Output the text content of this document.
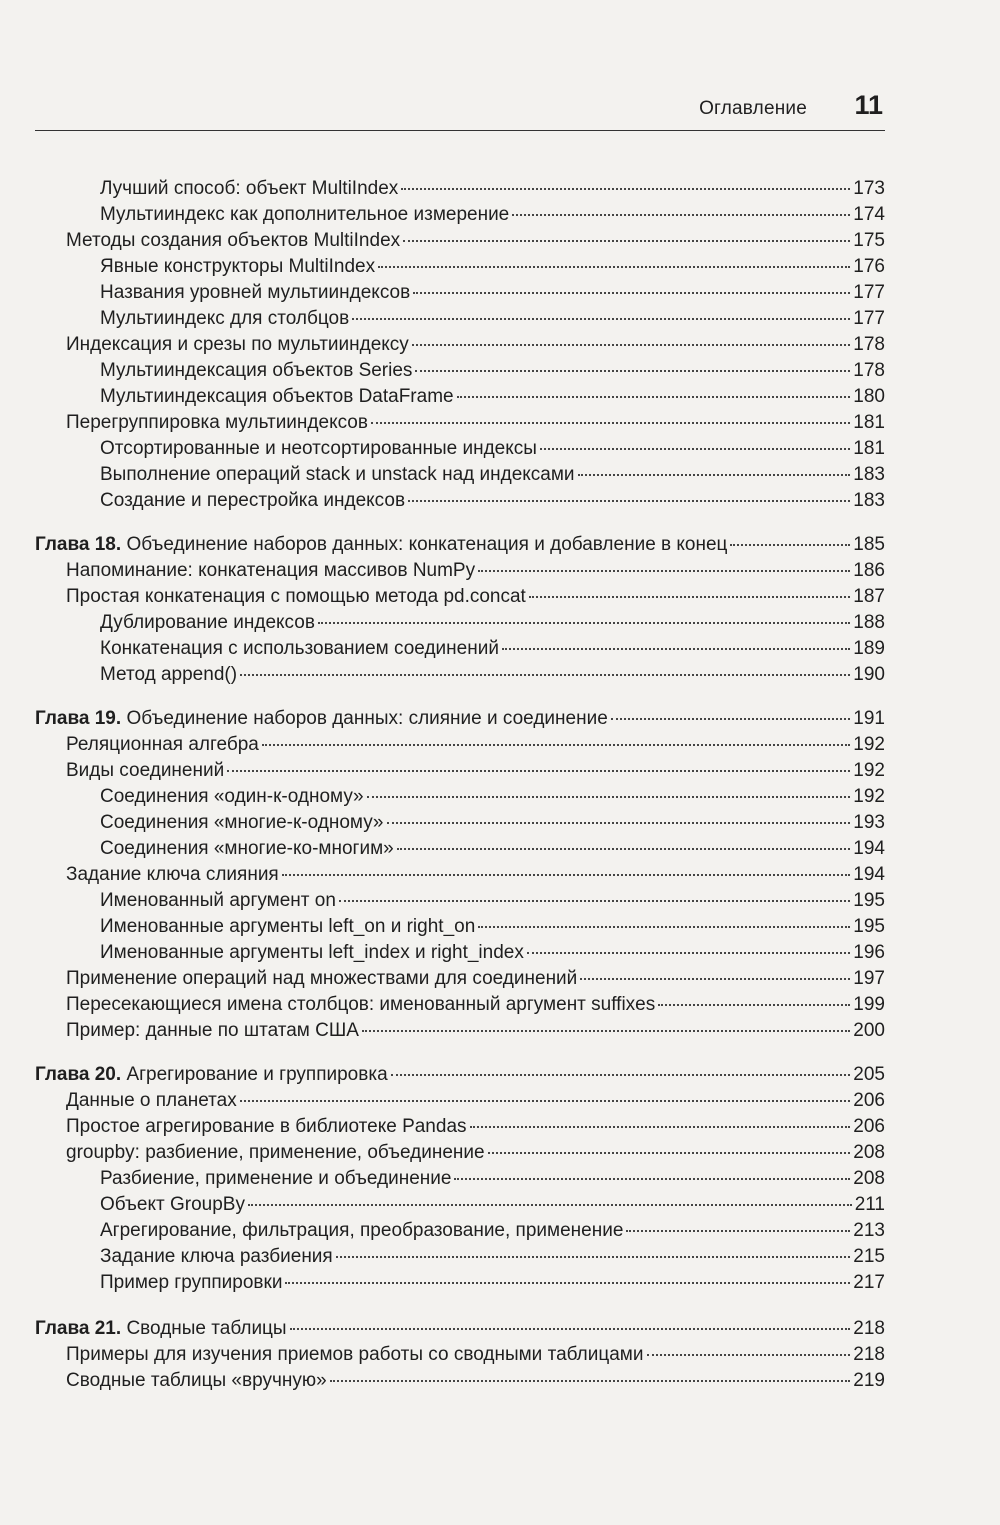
Оглавление 11
Лучший способ: объект MultiIndex	173
Мультииндекс как дополнительное измерение	174
Методы создания объектов MultiIndex	175
Явные конструкторы MultiIndex	176
Названия уровней мультииндексов	177
Мультииндекс для столбцов	177
Индексация и срезы по мультииндексу	178
Мультииндексация объектов Series	178
Мультииндексация объектов DataFrame	180
Перегруппировка мультииндексов	181
Отсортированные и неотсортированные индексы	181
Выполнение операций stack и unstack над индексами	183
Создание и перестройка индексов	183
Глава 18. Объединение наборов данных: конкатенация и добавление в конец	185
Напоминание: конкатенация массивов NumPy	186
Простая конкатенация с помощью метода pd.concat	187
Дублирование индексов	188
Конкатенация с использованием соединений	189
Метод append()	190
Глава 19. Объединение наборов данных: слияние и соединение	191
Реляционная алгебра	192
Виды соединений	192
Соединения «один-к-одному»	192
Соединения «многие-к-одному»	193
Соединения «многие-ко-многим»	194
Задание ключа слияния	194
Именованный аргумент on	195
Именованные аргументы left_on и right_on	195
Именованные аргументы left_index и right_index	196
Применение операций над множествами для соединений	197
Пересекающиеся имена столбцов: именованный аргумент suffixes	199
Пример: данные по штатам США	200
Глава 20. Агрегирование и группировка	205
Данные о планетах	206
Простое агрегирование в библиотеке Pandas	206
groupby: разбиение, применение, объединение	208
Разбиение, применение и объединение	208
Объект GroupBy	211
Агрегирование, фильтрация, преобразование, применение	213
Задание ключа разбиения	215
Пример группировки	217
Глава 21. Сводные таблицы	218
Примеры для изучения приемов работы со сводными таблицами	218
Сводные таблицы «вручную»	219
